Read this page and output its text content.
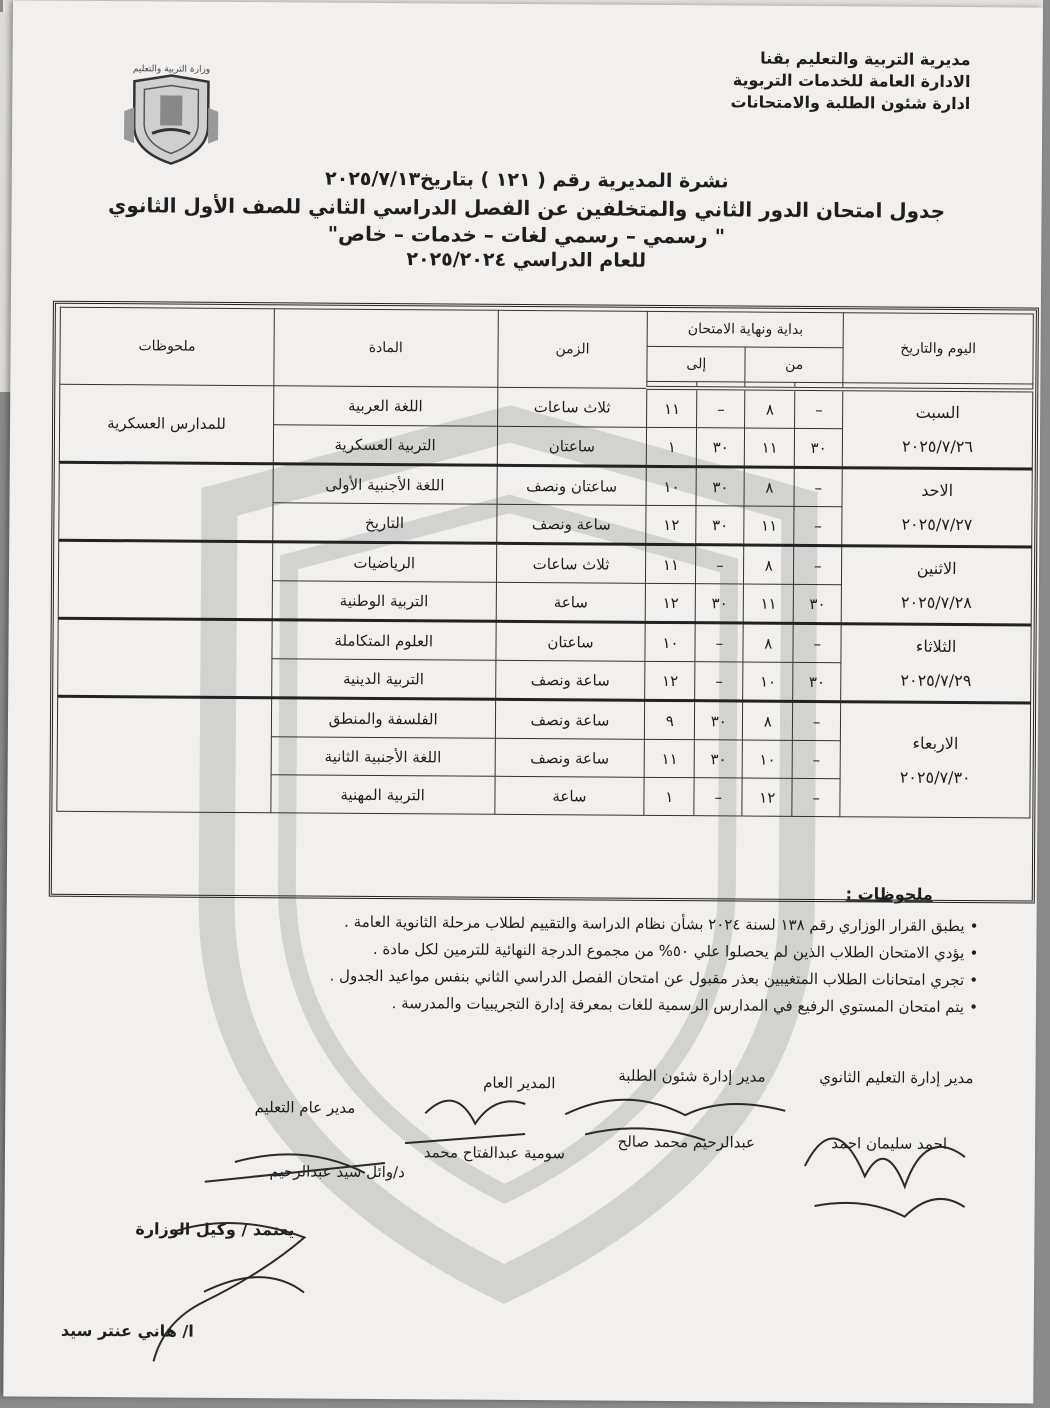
مديرية التربية والتعليم بقنا
الادارة العامة للخدمات التربوية
ادارة شئون الطلبة والامتحانات
وزارة التربية والتعليم
نشرة المديرية رقم ( ١٢١ ) بتاريخ٢٠٢٥/٧/١٣
جدول امتحان الدور الثاني والمتخلفين عن الفصل الدراسي الثاني للصف الأول الثانوي
" رسمي – رسمي لغات – خدمات – خاص"
للعام الدراسي ٢٠٢٥/٢٠٢٤
اليوم والتاريخ	بداية ونهاية الامتحان				الزمن	المادة	ملحوظات
	من		إلى				

السبت
٢٠٢٥/٧/٢٦	–	٨	–	١١	ثلاث ساعات	اللغة العربية	للمدارس العسكرية
	٣٠	١١	٣٠	١	ساعتان	التربية العسكرية	

الاحد
٢٠٢٥/٧/٢٧	–	٨	٣٠	١٠	ساعتان ونصف	اللغة الأجنبية الأولى	
	–	١١	٣٠	١٢	ساعة ونصف	التاريخ	

الاثنين
٢٠٢٥/٧/٢٨	–	٨	–	١١	ثلاث ساعات	الرياضيات	
	٣٠	١١	٣٠	١٢	ساعة	التربية الوطنية	

الثلاثاء
٢٠٢٥/٧/٢٩	–	٨	–	١٠	ساعتان	العلوم المتكاملة	
	٣٠	١٠	–	١٢	ساعة ونصف	التربية الدينية	

الاربعاء
٢٠٢٥/٧/٣٠	–	٨	٣٠	٩	ساعة ونصف	الفلسفة والمنطق	
	–	١٠	٣٠	١١	ساعة ونصف	اللغة الأجنبية الثانية	
	–	١٢	–	١	ساعة	التربية المهنية	
ملحوظات :
• يطبق القرار الوزاري رقم ١٣٨ لسنة ٢٠٢٤ بشأن نظام الدراسة والتقييم لطلاب مرحلة الثانوية العامة .
• يؤدي الامتحان الطلاب الذين لم يحصلوا علي ٥٠% من مجموع الدرجة النهائية للترمين لكل مادة .
• تجري امتحانات الطلاب المتغيبين بعذر مقبول عن امتحان الفصل الدراسي الثاني بنفس مواعيد الجدول .
• يتم امتحان المستوي الرفيع في المدارس الرسمية للغات بمعرفة إدارة التجريبيات والمدرسة .
مدير إدارة التعليم الثانوي
احمد سليمان احمد
مدير إدارة شئون الطلبة
عبدالرحيم محمد صالح
المدير العام
سومية عبدالفتاح محمد
مدير عام التعليم
د/وائل سيد عبدالرحيم
يعتمد / وكيل الوزارة
ا/ هاني عنتر سيد
